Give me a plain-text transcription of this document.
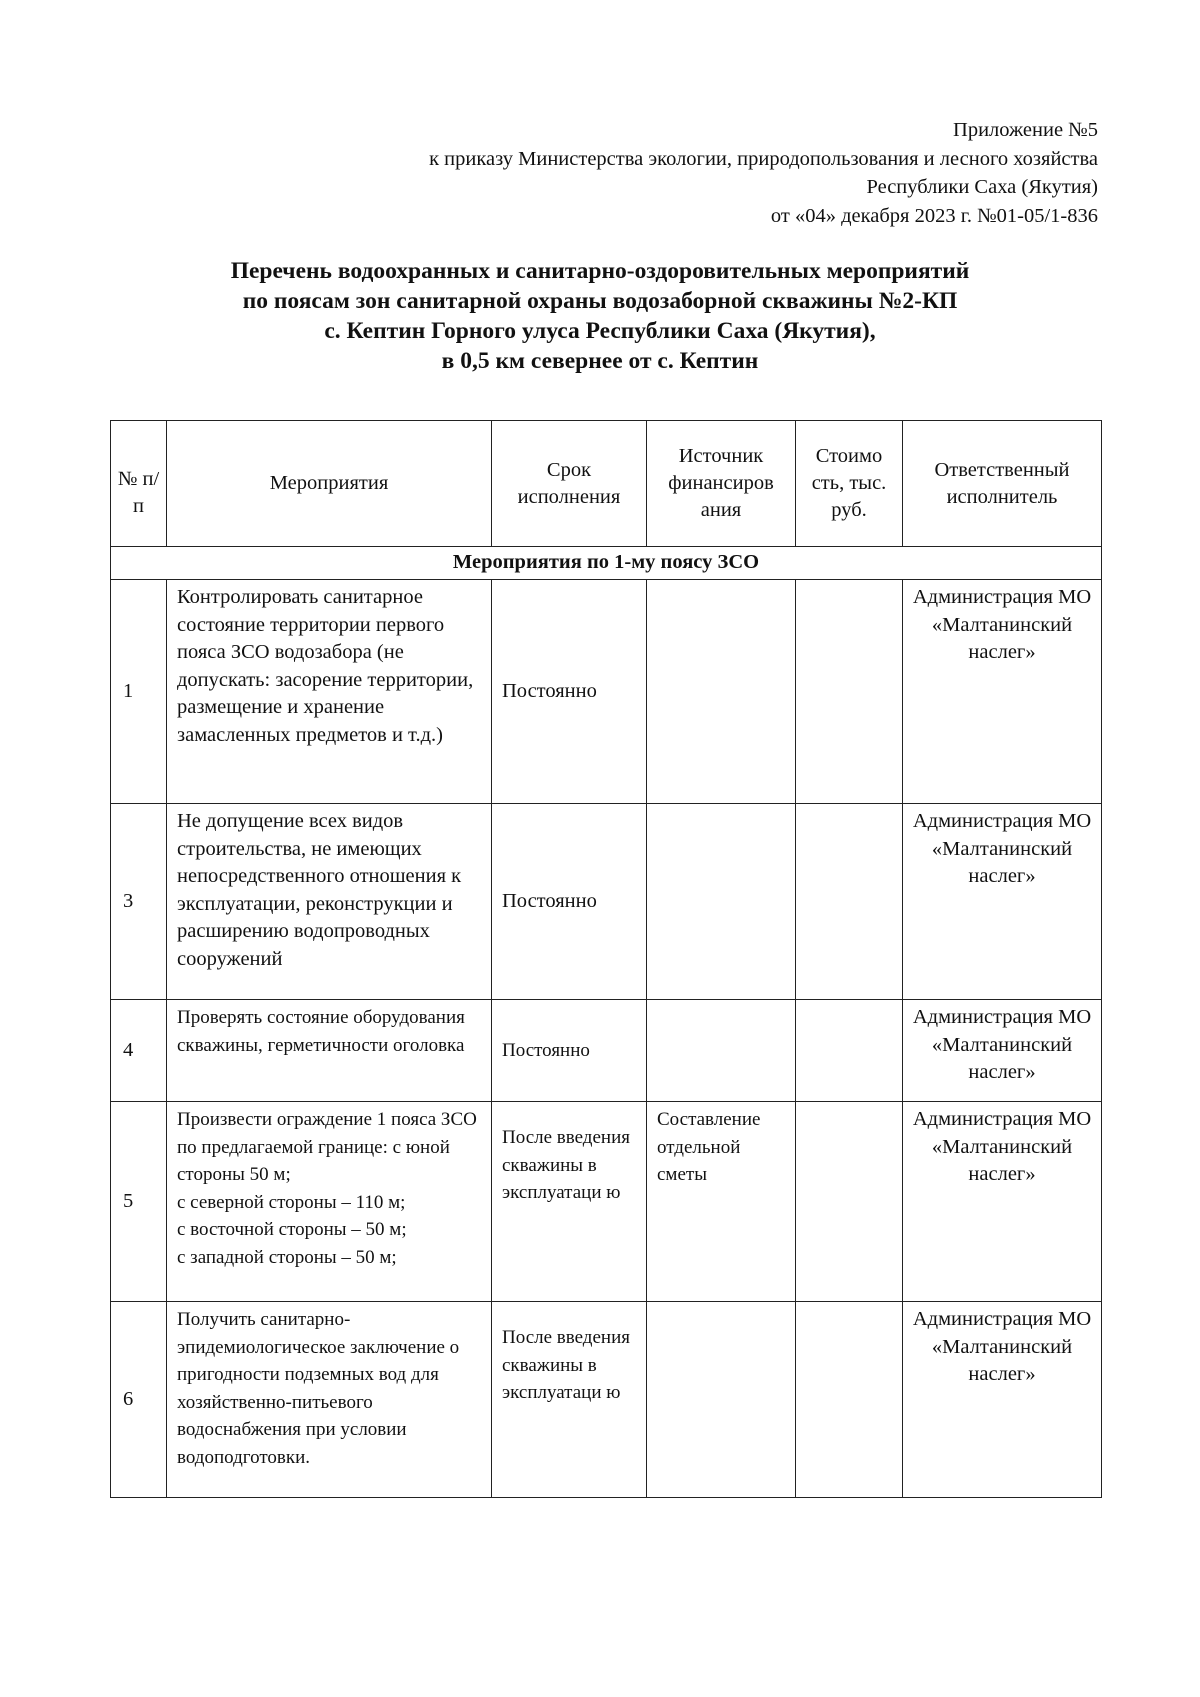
Приложение №5
к приказу Министерства экологии, природопользования и лесного хозяйства
Республики Саха (Якутия)
от «04» декабря 2023 г. №01-05/1-836
Перечень водоохранных и санитарно-оздоровительных мероприятий
по поясам зон санитарной охраны водозаборной скважины №2-КП
с. Кептин Горного улуса Республики Саха (Якутия),
в 0,5 км севернее от с. Кептин
№ п/п	Мероприятия	Срок исполнения	Источник финансиров ания	Стоимо сть, тыс. руб.	Ответственный исполнитель
Мероприятия по 1-му поясу ЗСО					
1	Контролировать санитарное состояние территории первого пояса ЗСО водозабора (не допускать: засорение территории, размещение и хранение замасленных предметов и т.д.)	Постоянно			Администрация МО «Малтанинский наслег»
3	Не допущение всех видов строительства, не имеющих непосредственного отношения к эксплуатации, реконструкции и расширению водопроводных сооружений	Постоянно			Администрация МО «Малтанинский наслег»
4	Проверять состояние оборудования скважины, герметичности оголовка	Постоянно			Администрация МО «Малтанинский наслег»
5	Произвести ограждение 1 пояса ЗСО по предлагаемой границе: с юной стороны 50 м;
с северной стороны – 110 м;
с восточной стороны – 50 м;
с западной стороны – 50 м;	После введения скважины в эксплуатаци ю	Составление отдельной сметы		Администрация МО «Малтанинский наслег»
6	Получить санитарно-эпидемиологическое заключение о пригодности подземных вод для хозяйственно-питьевого водоснабжения при условии водоподготовки.	После введения скважины в эксплуатаци ю			Администрация МО «Малтанинский наслег»
